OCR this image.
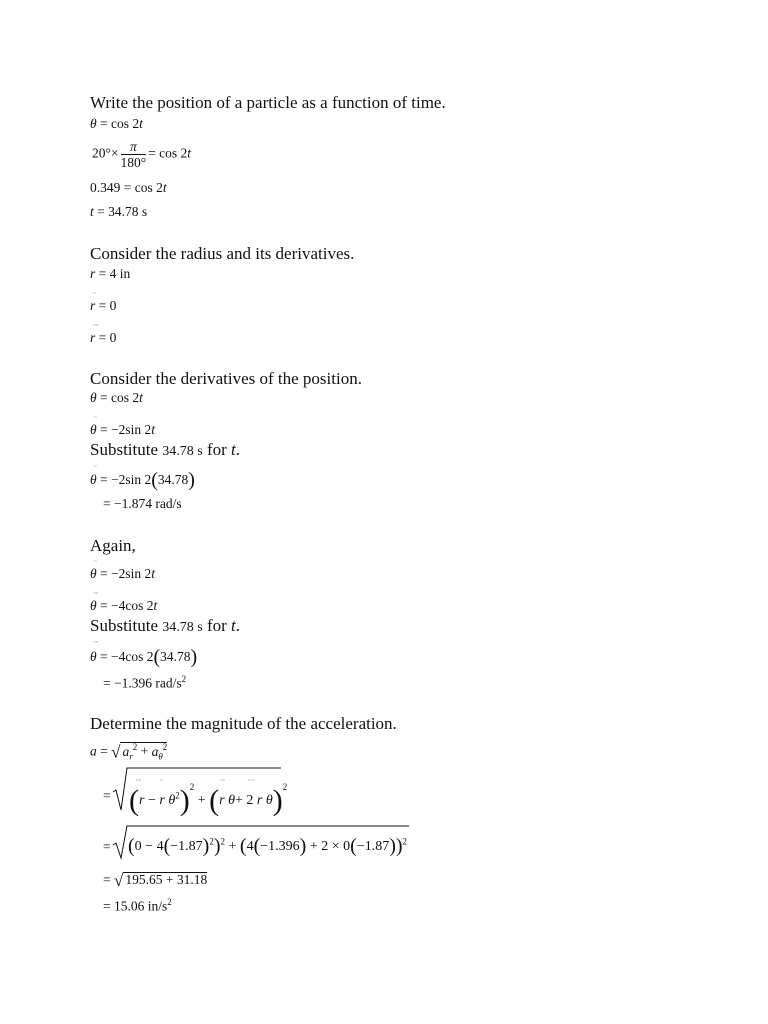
Write the position of a particle as a function of time.
θ = cos 2t
$20^\circ\times \frac{\pi}{180^\circ} = \cos 2t$
0.349 = cos 2t
t = 34.78 s
Consider the radius and its derivatives.
r = 4 in
▫
r = 0
▫▫
r = 0
Consider the derivatives of the position.
θ = cos 2t
▫
θ = −2sin 2t
Substitute 34.78 s for t.
▫
θ = −2sin 2(34.78)
= −1.874 rad/s
Again,
▫
θ = −2sin 2t
▫▫
θ = −4cos 2t
Substitute 34.78 s for t.
▫▫
θ = −4cos 2(34.78)
= −1.396 rad/$s^2$
Determine the magnitude of the acceleration.
a = √ $a_r^2 + a_\theta^2$
=
▫▫	▫
(r − r $\theta^2)^2 + (r$ θ+ 2 r θ)$^2$
▫▫	▫ ▫
= $(0 - 4(-1.87)^2)^2 + (4(-1.396) + 2 \times 0(-1.87))^2$
= √ 195.65 + 31.18
= 15.06 $in/s^2$
